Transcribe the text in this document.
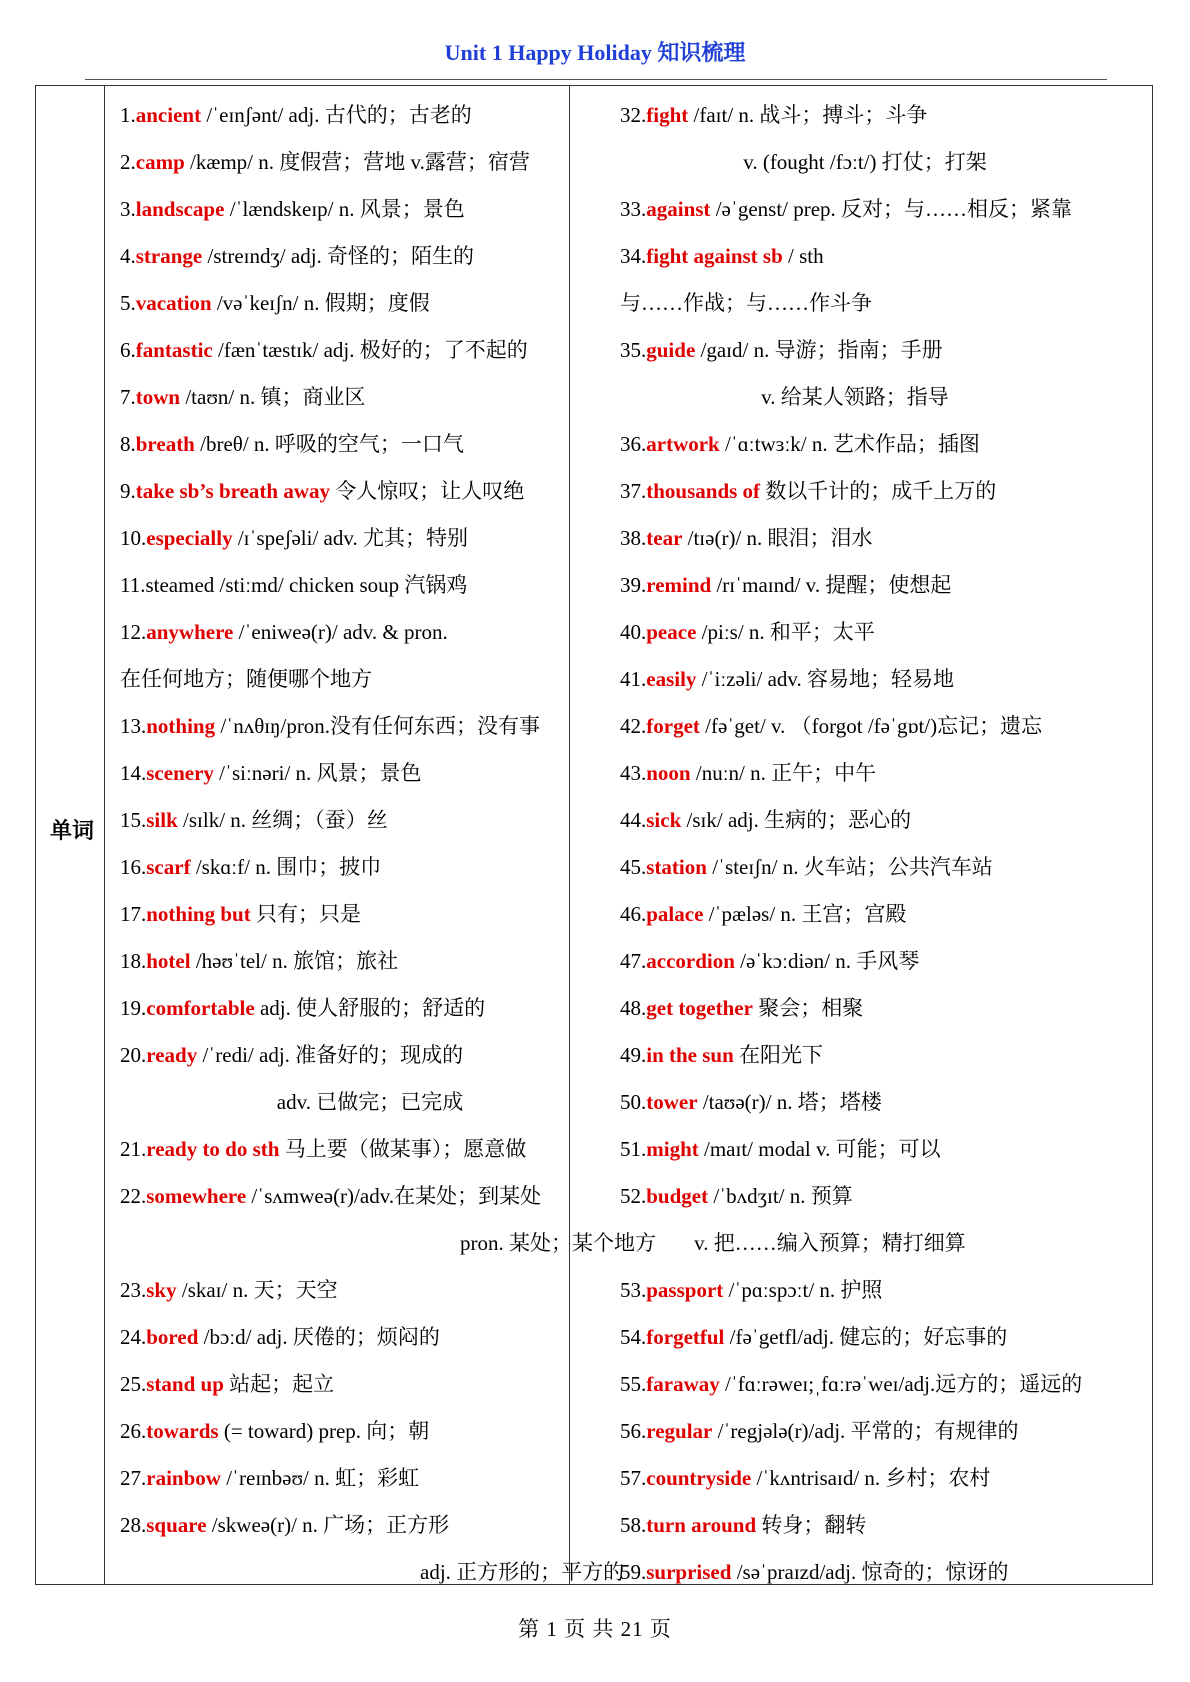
Unit 1 Happy Holiday 知识梳理
单词
1.ancient /ˈeɪnʃənt/ adj. 古代的；古老的
2.camp /kæmp/ n. 度假营；营地 v.露营；宿营
3.landscape /ˈlændskeɪp/ n. 风景；景色
4.strange /streɪndʒ/ adj. 奇怪的；陌生的
5.vacation /vəˈkeɪʃn/ n. 假期；度假
6.fantastic /fænˈtæstɪk/ adj. 极好的；了不起的
7.town /taʊn/ n. 镇；商业区
8.breath /breθ/ n. 呼吸的空气；一口气
9.take sb’s breath away 令人惊叹；让人叹绝
10.especially /ɪˈspeʃəli/ adv. 尤其；特别
11.steamed /stiːmd/ chicken soup 汽锅鸡
12.anywhere /ˈeniweə(r)/ adv. & pron.
在任何地方；随便哪个地方
13.nothing /ˈnʌθɪŋ/pron.没有任何东西；没有事
14.scenery /ˈsiːnəri/ n. 风景；景色
15.silk /sɪlk/ n. 丝绸；（蚕）丝
16.scarf /skɑːf/ n. 围巾；披巾
17.nothing but 只有；只是
18.hotel /həʊˈtel/ n. 旅馆；旅社
19.comfortable adj. 使人舒服的；舒适的
20.ready /ˈredi/ adj. 准备好的；现成的
adv. 已做完；已完成
21.ready to do sth 马上要（做某事）；愿意做
22.somewhere /ˈsʌmweə(r)/adv.在某处；到某处
pron. 某处；某个地方
23.sky /skaɪ/ n. 天；天空
24.bored /bɔːd/ adj. 厌倦的；烦闷的
25.stand up 站起；起立
26.towards (= toward) prep. 向；朝
27.rainbow /ˈreɪnbəʊ/ n. 虹；彩虹
28.square /skweə(r)/ n. 广场；正方形
adj. 正方形的；平方的
32.fight /faɪt/ n. 战斗；搏斗；斗争
v. (fought /fɔːt/) 打仗；打架
33.against /əˈgenst/ prep. 反对；与……相反；紧靠
34.fight against sb / sth
与……作战；与……作斗争
35.guide /gaɪd/ n. 导游；指南；手册
v. 给某人领路；指导
36.artwork /ˈɑːtwɜːk/ n. 艺术作品；插图
37.thousands of 数以千计的；成千上万的
38.tear /tɪə(r)/ n. 眼泪；泪水
39.remind /rɪˈmaɪnd/ v. 提醒；使想起
40.peace /piːs/ n. 和平；太平
41.easily /ˈiːzəli/ adv. 容易地；轻易地
42.forget /fəˈget/ v. （forgot /fəˈgɒt/)忘记；遗忘
43.noon /nuːn/ n. 正午；中午
44.sick /sɪk/ adj. 生病的；恶心的
45.station /ˈsteɪʃn/ n. 火车站；公共汽车站
46.palace /ˈpæləs/ n. 王宫；宫殿
47.accordion /əˈkɔːdiən/ n. 手风琴
48.get together 聚会；相聚
49.in the sun 在阳光下
50.tower /taʊə(r)/ n. 塔；塔楼
51.might /maɪt/ modal v. 可能；可以
52.budget /ˈbʌdʒɪt/ n. 预算
v. 把……编入预算；精打细算
53.passport /ˈpɑːspɔːt/ n. 护照
54.forgetful /fəˈgetfl/adj. 健忘的；好忘事的
55.faraway /ˈfɑːrəweɪ;ˌfɑːrəˈweɪ/adj.远方的；遥远的
56.regular /ˈregjələ(r)/adj. 平常的；有规律的
57.countryside /ˈkʌntrisaɪd/ n. 乡村；农村
58.turn around 转身；翻转
59.surprised /səˈpraɪzd/adj. 惊奇的；惊讶的
第 1 页 共 21 页
